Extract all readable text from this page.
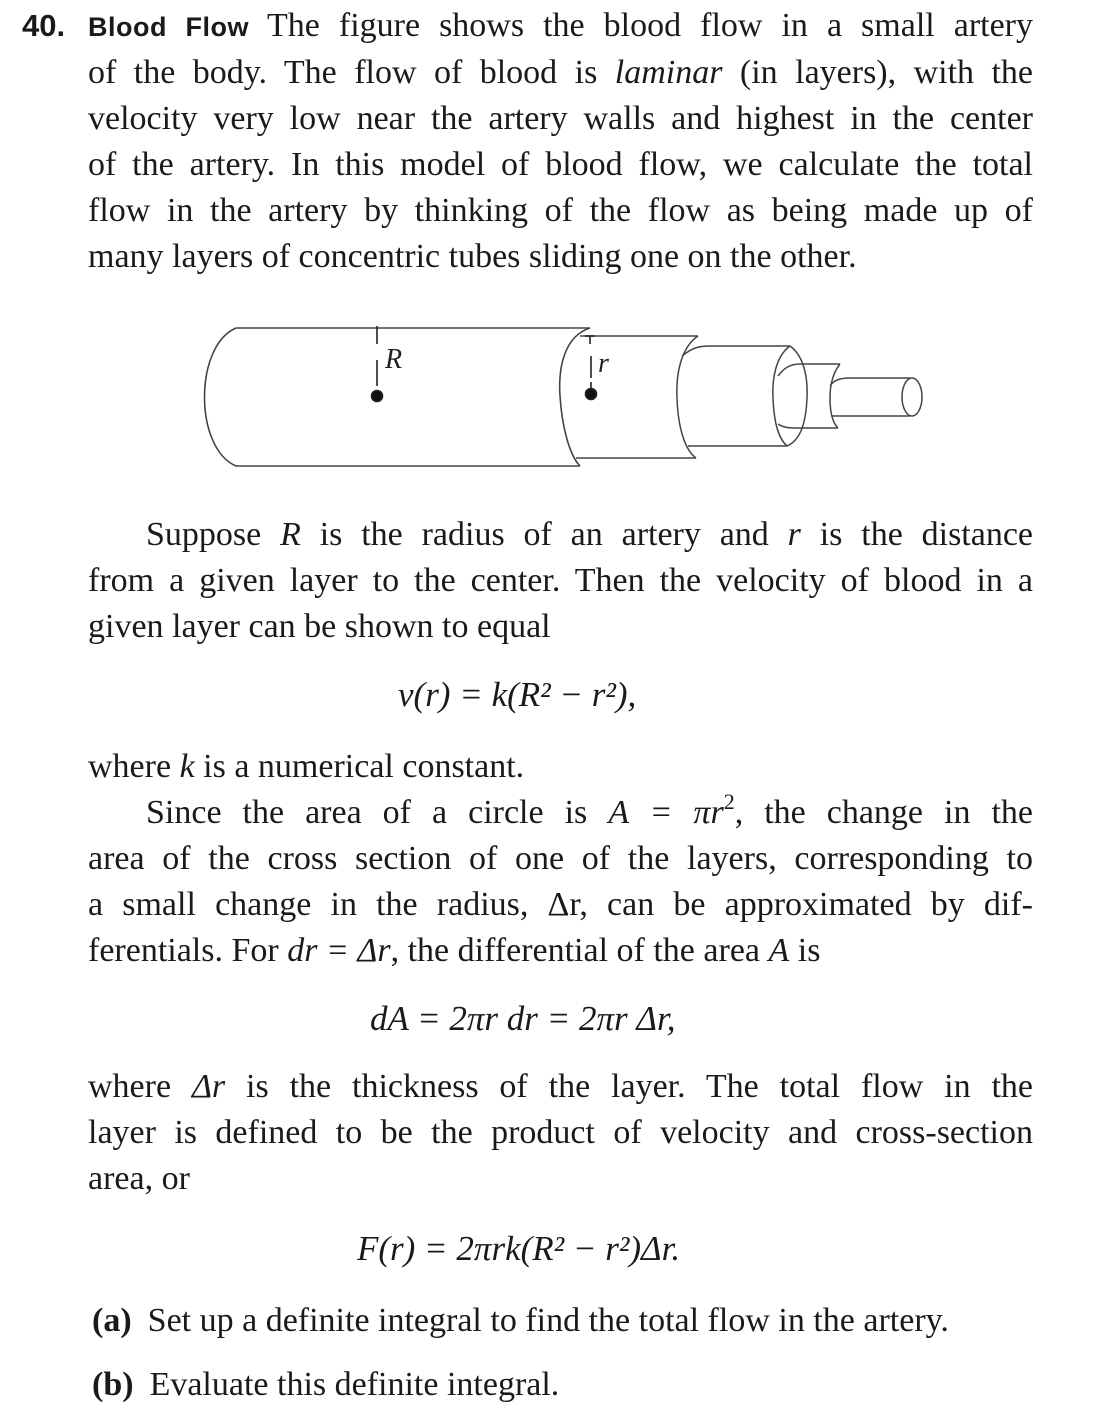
40. Blood Flow The figure shows the blood flow in a small artery
of the body. The flow of blood is laminar (in layers), with the
velocity very low near the artery walls and highest in the center
of the artery. In this model of blood flow, we calculate the total
flow in the artery by thinking of the flow as being made up of
many layers of concentric tubes sliding one on the other.
R	r
Suppose R is the radius of an artery and r is the distance
from a given layer to the center. Then the velocity of blood in a
given layer can be shown to equal
v(r) = k(R² − r²),
where k is a numerical constant.
Since the area of a circle is $A = \pi r^2$, the change in the
area of the cross section of one of the layers, corresponding to
a small change in the radius, Δr, can be approximated by dif-
ferentials. For dr = Δr, the differential of the area A is
dA = 2πr dr = 2πr Δr,
where Δr is the thickness of the layer. The total flow in the
layer is defined to be the product of velocity and cross-section
area, or
F(r) = 2πrk(R² − r²)Δr.
(a) Set up a definite integral to find the total flow in the artery.
(b) Evaluate this definite integral.
